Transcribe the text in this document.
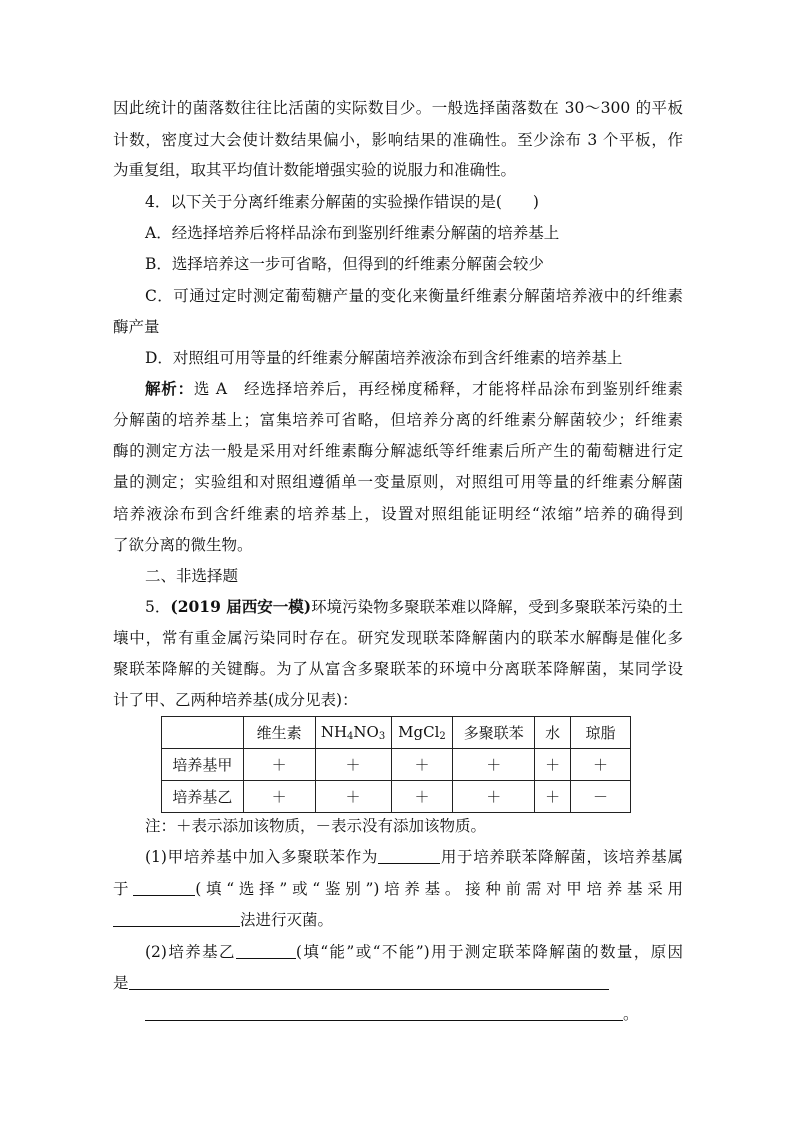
因此统计的菌落数往往比活菌的实际数目少。一般选择菌落数在 30～300 的平板
计数，密度过大会使计数结果偏小，影响结果的准确性。至少涂布 3 个平板，作
为重复组，取其平均值计数能增强实验的说服力和准确性。
4．以下关于分离纤维素分解菌的实验操作错误的是(　　)
A．经选择培养后将样品涂布到鉴别纤维素分解菌的培养基上
B．选择培养这一步可省略，但得到的纤维素分解菌会较少
C．可通过定时测定葡萄糖产量的变化来衡量纤维素分解菌培养液中的纤维素
酶产量
D．对照组可用等量的纤维素分解菌培养液涂布到含纤维素的培养基上
解析：选 A　经选择培养后，再经梯度稀释，才能将样品涂布到鉴别纤维素
分解菌的培养基上；富集培养可省略，但培养分离的纤维素分解菌较少；纤维素
酶的测定方法一般是采用对纤维素酶分解滤纸等纤维素后所产生的葡萄糖进行定
量的测定；实验组和对照组遵循单一变量原则，对照组可用等量的纤维素分解菌
培养液涂布到含纤维素的培养基上，设置对照组能证明经“浓缩”培养的确得到
了欲分离的微生物。
二、非选择题
5．(2019 届西安一模)环境污染物多聚联苯难以降解，受到多聚联苯污染的土
壤中，常有重金属污染同时存在。研究发现联苯降解菌内的联苯水解酶是催化多
聚联苯降解的关键酶。为了从富含多聚联苯的环境中分离联苯降解菌，某同学设
计了甲、乙两种培养基(成分见表)：
	维生素	$NH_4NO_3$	MgCl$_2$	多聚联苯	水	琼脂
培养基甲	＋	＋	＋	＋	＋	＋
培养基乙	＋	＋	＋	＋	＋	－
注：＋表示添加该物质，－表示没有添加该物质。
(1)甲培养基中加入多聚联苯作为	用于培养联苯降解菌，该培养基属
于	(填“选择”或“鉴别”)培养基。接种前需对甲培养基采用
法进行灭菌。
(2)培养基乙	(填“能”或“不能”)用于测定联苯降解菌的数量，原因
是
。
